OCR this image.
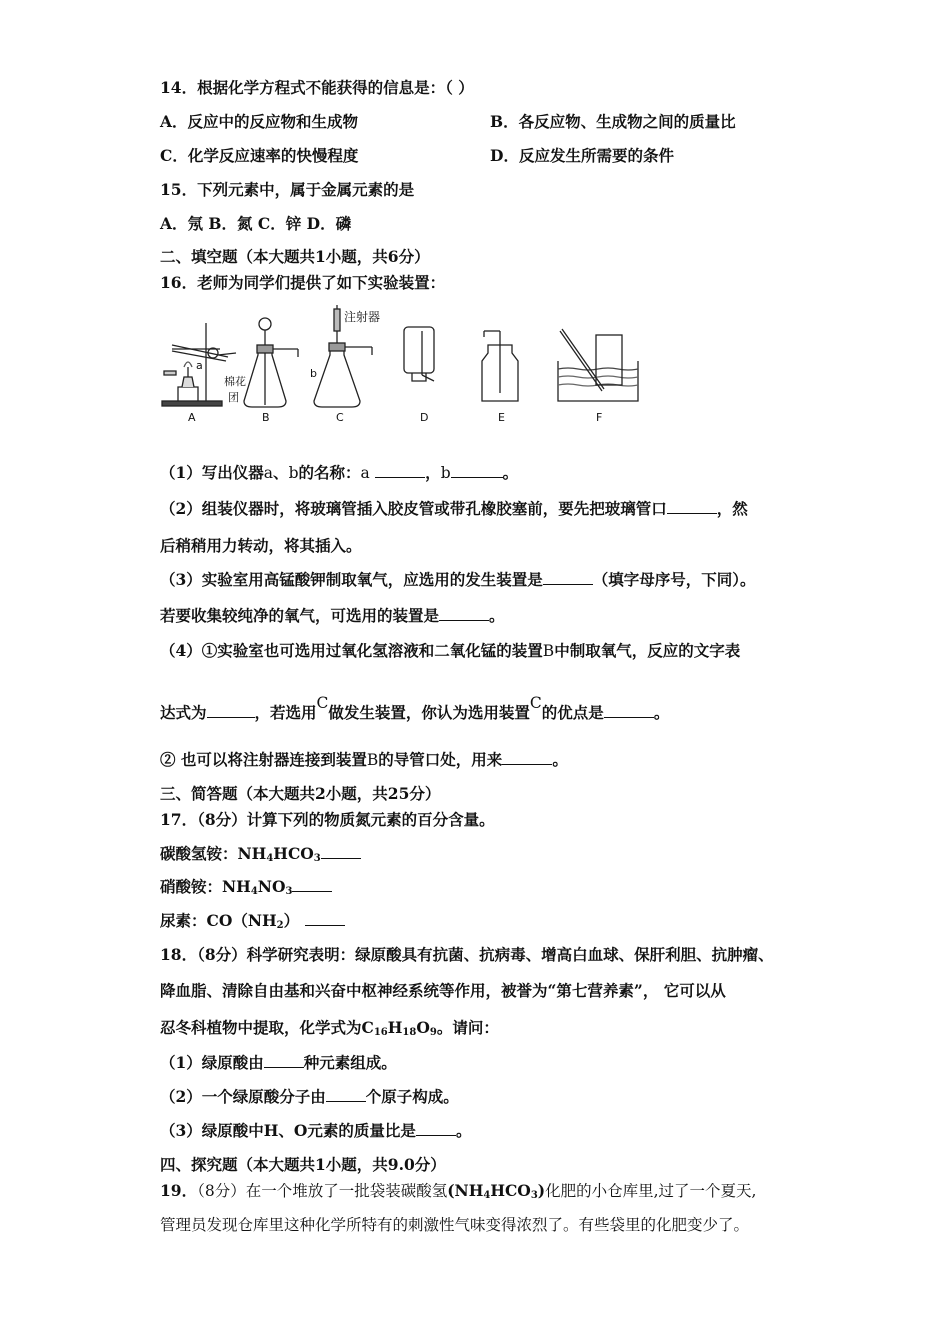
14．根据化学方程式不能获得的信息是：（ ）
A．反应中的反应物和生成物	B．各反应物、生成物之间的质量比
C．化学反应速率的快慢程度	D．反应发生所需要的条件
15．下列元素中，属于金属元素的是
A．氖 B．氮 C．锌 D．磷
二、填空题（本大题共1小题，共6分）
16．老师为同学们提供了如下实验装置：
a
棉花
团
A	B
注射器
b
C	D	E	F
（1）写出仪器a、b的名称：a	，b	。
（2）组装仪器时，将玻璃管插入胶皮管或带孔橡胶塞前，要先把玻璃管口	，然
后稍稍用力转动，将其插入。
（3）实验室用高锰酸钾制取氧气，应选用的发生装置是	（填字母序号，下同）。
若要收集较纯净的氧气，可选用的装置是	。
（4）①实验室也可选用过氧化氢溶液和二氧化锰的装置B中制取氧气，反应的文字表
达式为	，若选用C做发生装置，你认为选用装置C的优点是	。
② 也可以将注射器连接到装置B的导管口处，用来	。
三、简答题（本大题共2小题，共25分）
17．（8分）计算下列的物质氮元素的百分含量。
碳酸氢铵：$NH_4HCO_3$
硝酸铵：$NH_4NO_3$
尿素：$CO(NH_2)$
18．（8分）科学研究表明：绿原酸具有抗菌、抗病毒、增高白血球、保肝利胆、抗肿瘤、
降血脂、清除自由基和兴奋中枢神经系统等作用，被誉为“第七营养素”， 它可以从
忍冬科植物中提取，化学式为$C_{16}H_{18}O_9$。请问：
（1）绿原酸由	种元素组成。
（2）一个绿原酸分子由	个原子构成。
（3）绿原酸中H、O元素的质量比是	。
四、探究题（本大题共1小题，共9.0分）
19．（8分）在一个堆放了一批袋装碳酸氢$(NH_4HCO_3)$化肥的小仓库里,过了一个夏天,
管理员发现仓库里这种化学所特有的刺激性气味变得浓烈了。有些袋里的化肥变少了。
